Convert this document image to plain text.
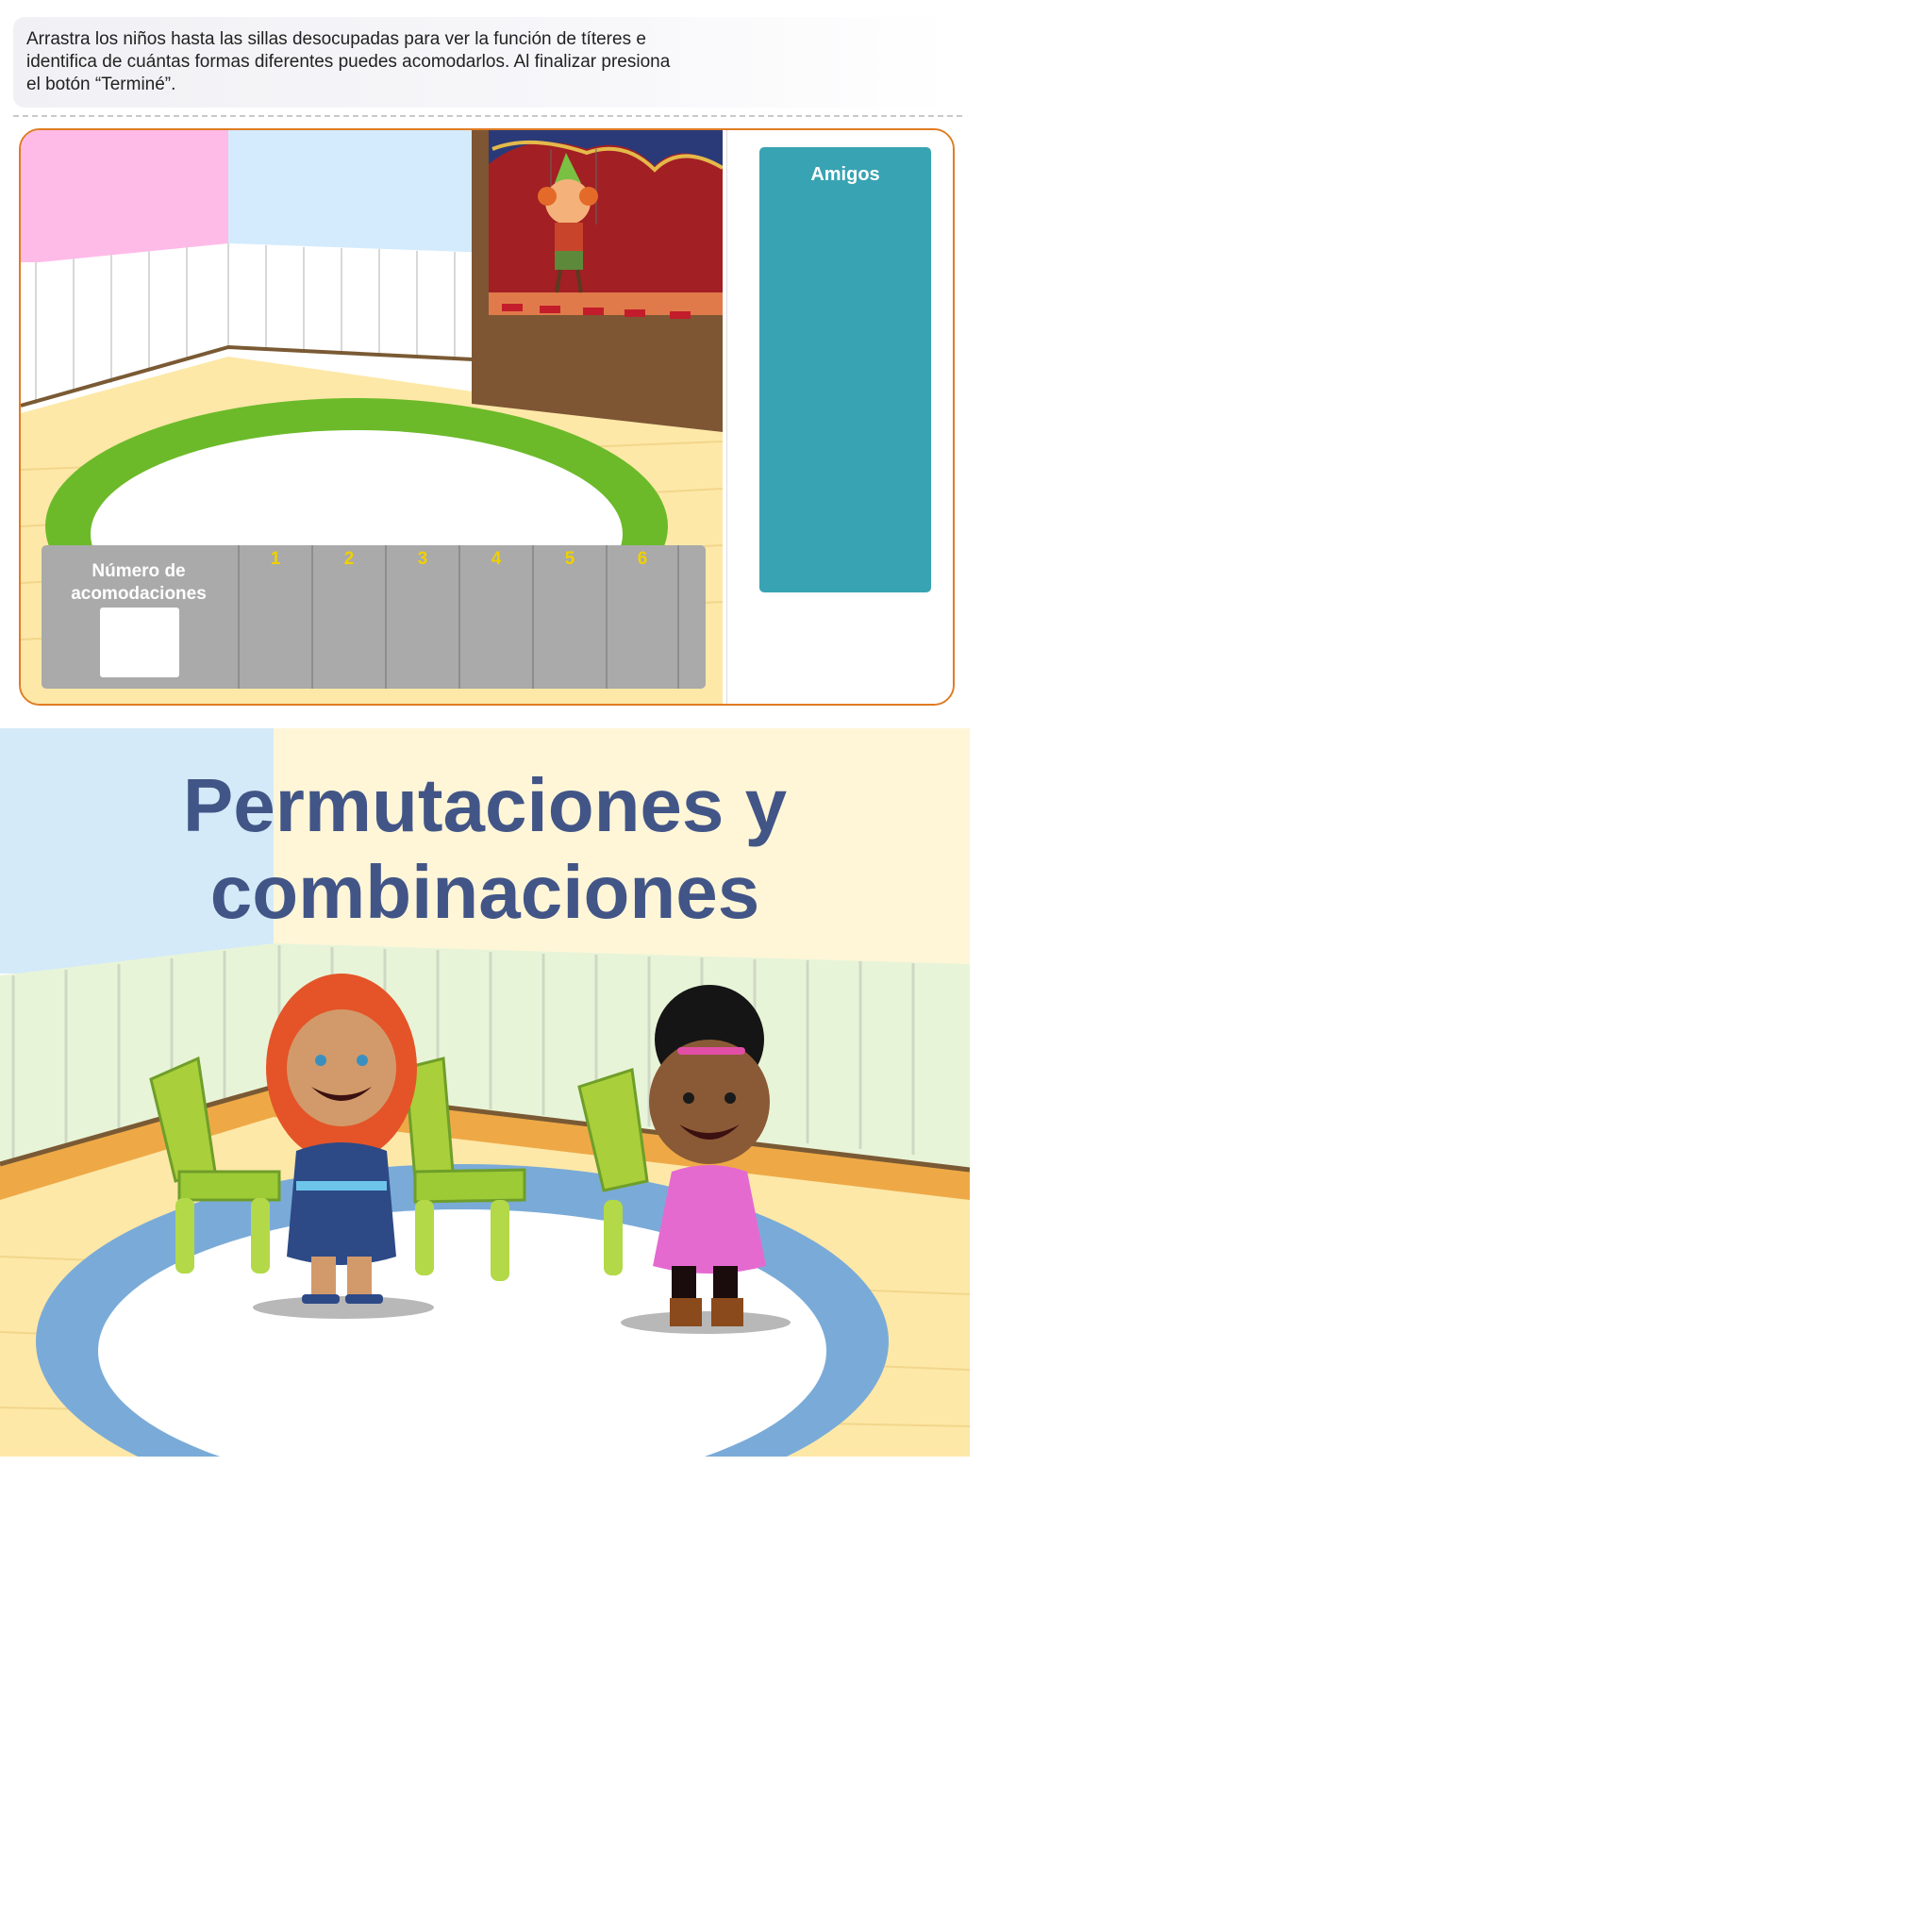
Arrastra los niños hasta las sillas desocupadas para ver la función de títeres e identifica de cuántas formas diferentes puedes acomodarlos. Al finalizar presiona el botón “Terminé”.
Número de acomodaciones
1	2	3	4	5	6
Amigos
Permutaciones y
combinaciones
